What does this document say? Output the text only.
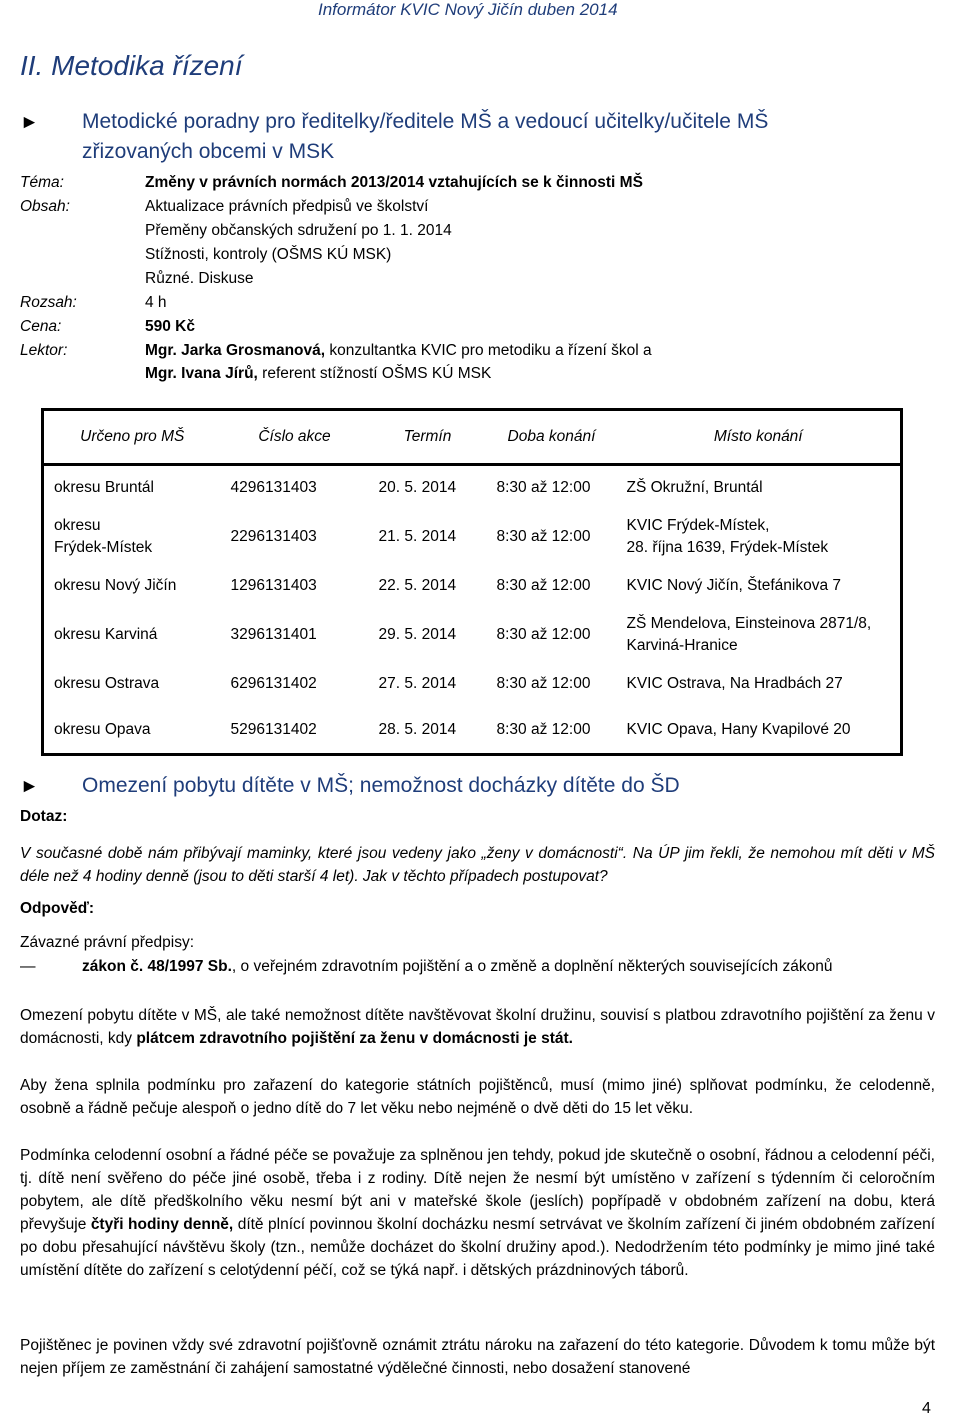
Informátor KVIC Nový Jičín duben 2014
II. Metodika řízení
► Metodické poradny pro ředitelky/ředitele MŠ a vedoucí učitelky/učitele MŠ
zřizovaných obcemi v MSK
Téma:	Změny v právních normách 2013/2014 vztahujících se k činnosti MŠ
Obsah:	Aktualizace právních předpisů ve školství
Přeměny občanských sdružení po 1. 1. 2014
Stížnosti, kontroly (OŠMS KÚ MSK)
Různé. Diskuse
Rozsah:	4 h
Cena:	590 Kč
Lektor:	Mgr. Jarka Grosmanová, konzultantka KVIC pro metodiku a řízení škol a
Mgr. Ivana Jírů, referent stížností OŠMS KÚ MSK
Určeno pro MŠ	Číslo akce	Termín	Doba konání	Místo konání
okresu Bruntál	4296131403	20. 5. 2014	8:30 až 12:00	ZŠ Okružní, Bruntál
okresu
Frýdek-Místek	2296131403	21. 5. 2014	8:30 až 12:00	KVIC Frýdek-Místek,
28. října 1639, Frýdek-Místek
okresu Nový Jičín	1296131403	22. 5. 2014	8:30 až 12:00	KVIC Nový Jičín, Štefánikova 7
okresu Karviná	3296131401	29. 5. 2014	8:30 až 12:00	ZŠ Mendelova, Einsteinova 2871/8,
Karviná-Hranice
okresu Ostrava	6296131402	27. 5. 2014	8:30 až 12:00	KVIC Ostrava, Na Hradbách 27
okresu Opava	5296131402	28. 5. 2014	8:30 až 12:00	KVIC Opava, Hany Kvapilové 20
► Omezení pobytu dítěte v MŠ; nemožnost docházky dítěte do ŠD
Dotaz:
V současné době nám přibývají maminky, které jsou vedeny jako „ženy v domácnosti“. Na ÚP jim řekli, že nemohou mít děti v MŠ déle než 4 hodiny denně (jsou to děti starší 4 let). Jak v těchto případech postupovat?
Odpověď:
Závazné právní předpisy:
—	zákon č. 48/1997 Sb., o veřejném zdravotním pojištění a o změně a doplnění některých souvisejících zákonů
Omezení pobytu dítěte v MŠ, ale také nemožnost dítěte navštěvovat školní družinu, souvisí s platbou zdravotního pojištění za ženu v domácnosti, kdy plátcem zdravotního pojištění za ženu v domácnosti je stát.
Aby žena splnila podmínku pro zařazení do kategorie státních pojištěnců, musí (mimo jiné) splňovat podmínku, že celodenně, osobně a řádně pečuje alespoň o jedno dítě do 7 let věku nebo nejméně o dvě děti do 15 let věku.
Podmínka celodenní osobní a řádné péče se považuje za splněnou jen tehdy, pokud jde skutečně o osobní, řádnou a celodenní péči, tj. dítě není svěřeno do péče jiné osobě, třeba i z rodiny. Dítě nejen že nesmí být umístěno v zařízení s týdenním či celoročním pobytem, ale dítě předškolního věku nesmí být ani v mateřské škole (jeslích) popřípadě v obdobném zařízení na dobu, která převyšuje čtyři hodiny denně, dítě plnící povinnou školní docházku nesmí setrvávat ve školním zařízení či jiném obdobném zařízení po dobu přesahující návštěvu školy (tzn., nemůže docházet do školní družiny apod.). Nedodržením této podmínky je mimo jiné také umístění dítěte do zařízení s celotýdenní péčí, což se týká např. i dětských prázdninových táborů.
Pojištěnec je povinen vždy své zdravotní pojišťovně oznámit ztrátu nároku na zařazení do této kategorie. Důvodem k tomu může být nejen příjem ze zaměstnání či zahájení samostatné výdělečné činnosti, nebo dosažení stanovené
4
